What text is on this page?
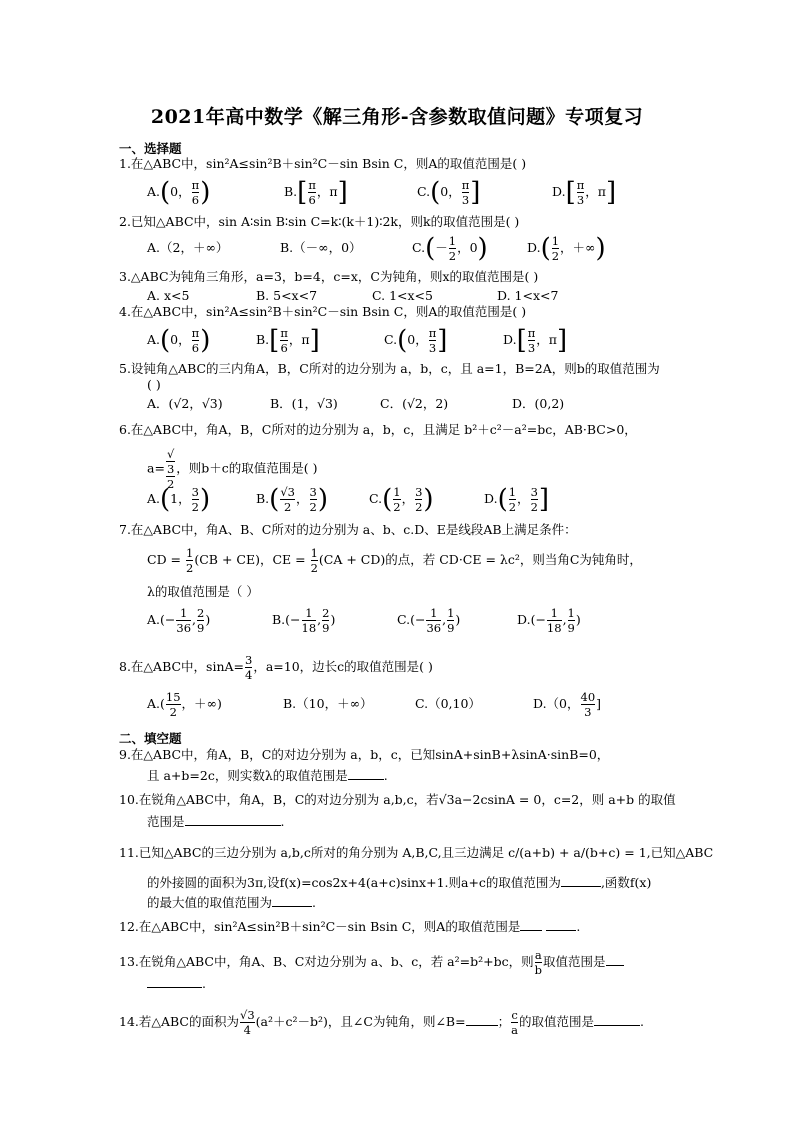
2021年高中数学《解三角形-含参数取值问题》专项复习
一、选择题
1.在△ABC中，sin²A≤sin²B＋sin²C－sin Bsin C，则A的取值范围是( )
A.(0， $\frac{\pi}{6}$ )	$B.[ \frac{\pi}{6}$ ，π]	C.(0， $\frac{\pi}{3}$ ]	$D.[ \frac{\pi}{3}$ ，π]
2.已知△ABC中，sin A∶sin B∶sin C=k∶(k＋1)∶2k，则k的取值范围是( )
A.（2，＋∞）	B.（－∞，0）	$C.(- \frac{1}{2}$ ，0)	$D.( \frac{1}{2}$ ，＋∞)
3.△ABC为钝角三角形，a=3，b=4，c=x，C为钝角，则x的取值范围是( )
A. x<5	B. 5<x<7	C. 1<x<5	D. 1<x<7
4.在△ABC中，sin²A≤sin²B＋sin²C－sin Bsin C，则A的取值范围是( )
A.(0， $\frac{\pi}{6}$ )	$B.[ \frac{\pi}{6}$ ，π]	C.(0， $\frac{\pi}{3}$ ]	$D.[ \frac{\pi}{3}$ ，π]
5.设钝角△ABC的三内角A，B，C所对的边分别为 a，b，c，且 a=1，B=2A，则b的取值范围为
( )
A．(√2，√3)	B．(1，√3)	C．(√2，2)	D．(0,2)
6.在△ABC中，角A，B，C所对的边分别为 a，b，c，且满足 b²＋c²－a²=bc，AB·BC>0，
a= √
3
2 ，则b＋c的取值范围是( )
A.(1， $\frac{3}{2}$ )	$B.( \frac{√3}{2}$ ， $\frac{3}{2}$ )	$C.( \frac{1}{2}$ ， $\frac{3}{2}$ )	$D.( \frac{1}{2}$ ， $\frac{3}{2}$ ]
7.在△ABC中，角A、B、C所对的边分别为 a、b、c.D、E是线段AB上满足条件：
CD = $\frac{1}{2} (CB + CE)$，CE = $\frac{1}{2} (CA + CD)$的点，若 CD·CE = λc²，则当角C为钝角时，
λ的取值范围是（ ）
$A.(- \frac{1}{36}$ , $\frac{2}{9}$ )	$B.(- \frac{1}{18}$ , $\frac{2}{9}$ )	$C.(- \frac{1}{36}$ , $\frac{1}{9}$ )	$D.(- \frac{1}{18}$ , $\frac{1}{9}$ )
8.在△ABC中，$\sin A= \frac{3}{4}$ ，a=10，边长c的取值范围是( )
$A.( \frac{15}{2}$ ，＋∞)	B.（10，＋∞）	C.（0,10）	D.（0， $\frac{40}{3}$ ]
二、填空题
9.在△ABC中，角A，B，C的对边分别为 a，b，c，已知sinA+sinB+λsinA·sinB=0，
且 a+b=2c，则实数λ的取值范围是	.
10.在锐角△ABC中，角A，B，C的对边分别为 a,b,c，若√3a−2csinA = 0，c=2，则 a+b 的取值
范围是	.
11.已知△ABC的三边分别为 a,b,c所对的角分别为 A,B,C,且三边满足 c/(a+b) + a/(b+c) = 1,已知△ABC
的外接圆的面积为3π,设f(x)=cos2x+4(a+c)sinx+1.则a+c的取值范围为	,函数f(x)
的最大值的取值范围为	.
12.在△ABC中，sin²A≤sin²B＋sin²C－sin Bsin C，则A的取值范围是	.
13.在锐角△ABC中，角A、B、C对边分别为 a、b、c，若 a²=b²+bc，则 $\frac{a}{b}$ 取值范围是
.
14.若△ABC的面积为 $\frac{√3}{4} (a^2+c^2-b^2)$，且∠C为钝角，则∠B=	； $\frac{c}{a}$ 的取值范围是	.
